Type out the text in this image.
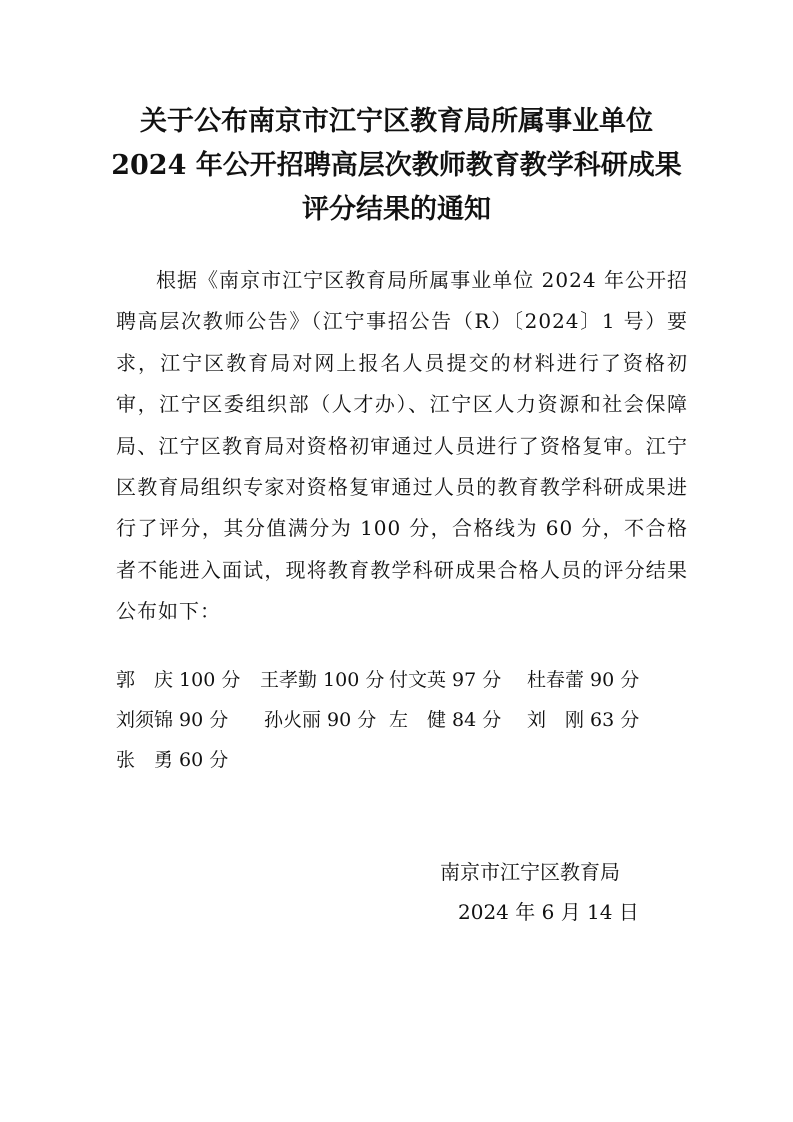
关于公布南京市江宁区教育局所属事业单位
2024 年公开招聘高层次教师教育教学科研成果
评分结果的通知

根据《南京市江宁区教育局所属事业单位 2024 年公开招聘高层次教师公告》（江宁事招公告（R）〔2024〕1 号）要求，江宁区教育局对网上报名人员提交的材料进行了资格初审，江宁区委组织部（人才办）、江宁区人力资源和社会保障局、江宁区教育局对资格初审通过人员进行了资格复审。江宁区教育局组织专家对资格复审通过人员的教育教学科研成果进行了评分，其分值满分为 100 分，合格线为 60 分，不合格者不能进入面试，现将教育教学科研成果合格人员的评分结果公布如下：

郭　庆 100 分 王孝勤 100 分 付文英 97 分 杜春蕾 90 分
刘须锦 90 分 孙火丽 90 分 左　健 84 分 刘　刚 63 分
张　勇 60 分
南京市江宁区教育局
2024 年 6 月 14 日
